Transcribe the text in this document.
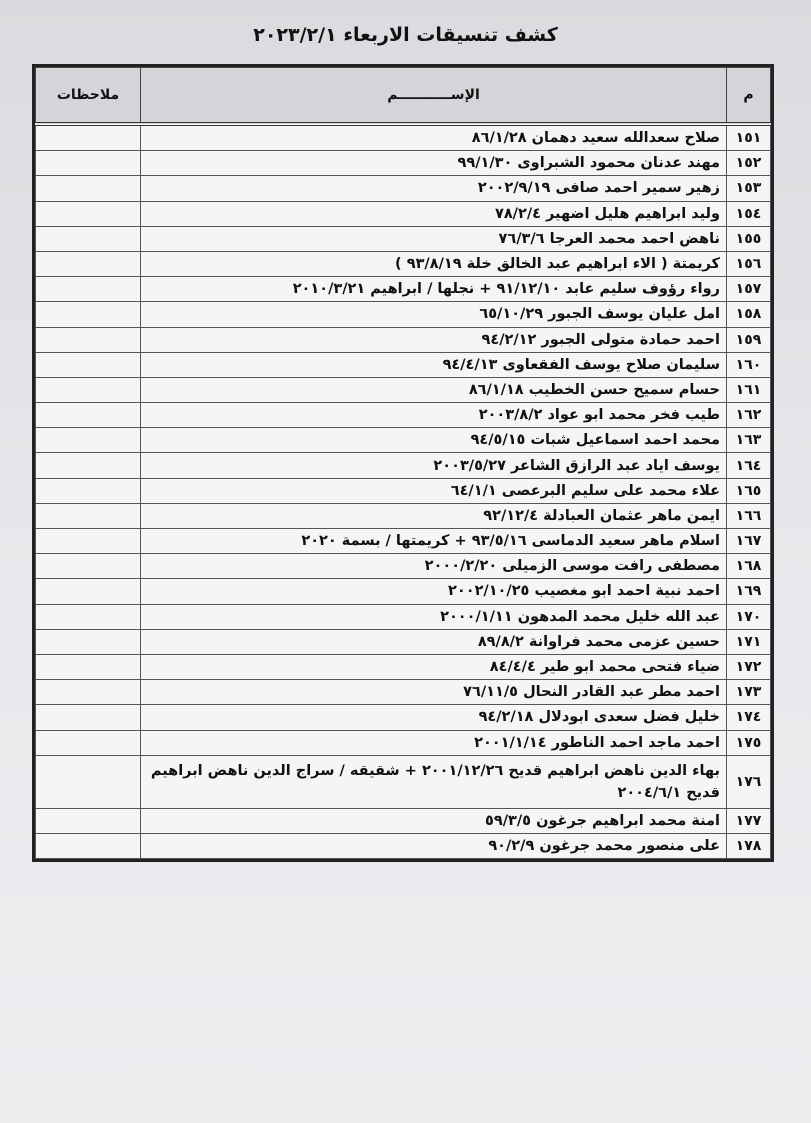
كشف تنسيقات الاربعاء ٢٠٢٣/٢/١
م	الإســـــــــــم	ملاحظات
١٥١	صلاح سعدالله سعيد دهمان ٨٦/١/٢٨	
١٥٢	مهند عدنان محمود الشبراوى ٩٩/١/٣٠	
١٥٣	زهير سمير احمد صافى ٢٠٠٢/٩/١٩	
١٥٤	وليد ابراهيم هليل اضهير ٧٨/٢/٤	
١٥٥	ناهض احمد محمد العرجا ٧٦/٣/٦	
١٥٦	كريمتة ( الاء ابراهيم عبد الخالق خلة ٩٣/٨/١٩ )	
١٥٧	رواء رؤوف سليم عابد ٩١/١٢/١٠ + نجلها / ابراهيم ٢٠١٠/٣/٢١	
١٥٨	امل عليان يوسف الجبور ٦٥/١٠/٢٩	
١٥٩	احمد حمادة متولى الجبور ٩٤/٢/١٢	
١٦٠	سليمان صلاح يوسف الفقعاوى ٩٤/٤/١٣	
١٦١	حسام سميح حسن الخطيب ٨٦/١/١٨	
١٦٢	طيب فخر محمد ابو عواد ٢٠٠٣/٨/٢	
١٦٣	محمد احمد اسماعيل شبات ٩٤/٥/١٥	
١٦٤	يوسف اياد عبد الرازق الشاعر ٢٠٠٣/٥/٢٧	
١٦٥	علاء محمد على سليم البرعصى ٦٤/١/١	
١٦٦	ايمن ماهر عثمان العبادلة ٩٢/١٢/٤	
١٦٧	اسلام ماهر سعيد الدماسى ٩٣/٥/١٦ + كريمتها / بسمة ٢٠٢٠	
١٦٨	مصطفى رافت موسى الزميلى ٢٠٠٠/٢/٢٠	
١٦٩	احمد نبية احمد ابو مغصيب ٢٠٠٢/١٠/٢٥	
١٧٠	عبد الله خليل محمد المدهون ٢٠٠٠/١/١١	
١٧١	حسين عزمى محمد فراوانة ٨٩/٨/٢	
١٧٢	ضياء فتحى محمد ابو طير ٨٤/٤/٤	
١٧٣	احمد مطر عبد القادر النحال ٧٦/١١/٥	
١٧٤	خليل فضل سعدى ابودلال ٩٤/٢/١٨	
١٧٥	احمد ماجد احمد الناطور ٢٠٠١/١/١٤	
١٧٦	بهاء الدين ناهض ابراهيم قديح ٢٠٠١/١٢/٢٦ + شقيقه / سراج الدين ناهض ابراهيم قديح ٢٠٠٤/٦/١	
١٧٧	امنة محمد ابراهيم جرغون ٥٩/٣/٥	
١٧٨	على منصور محمد جرغون ٩٠/٢/٩	
